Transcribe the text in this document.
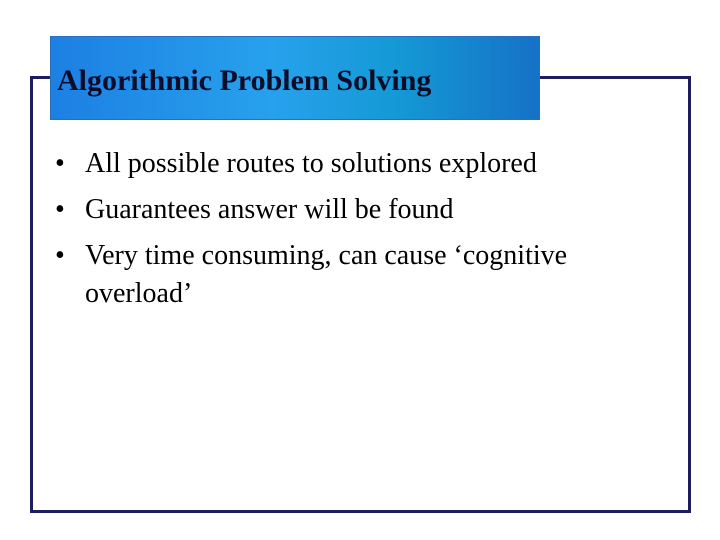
Algorithmic Problem Solving
• All possible routes to solutions explored
• Guarantees answer will be found
• Very time consuming, can cause ‘cognitive overload’
